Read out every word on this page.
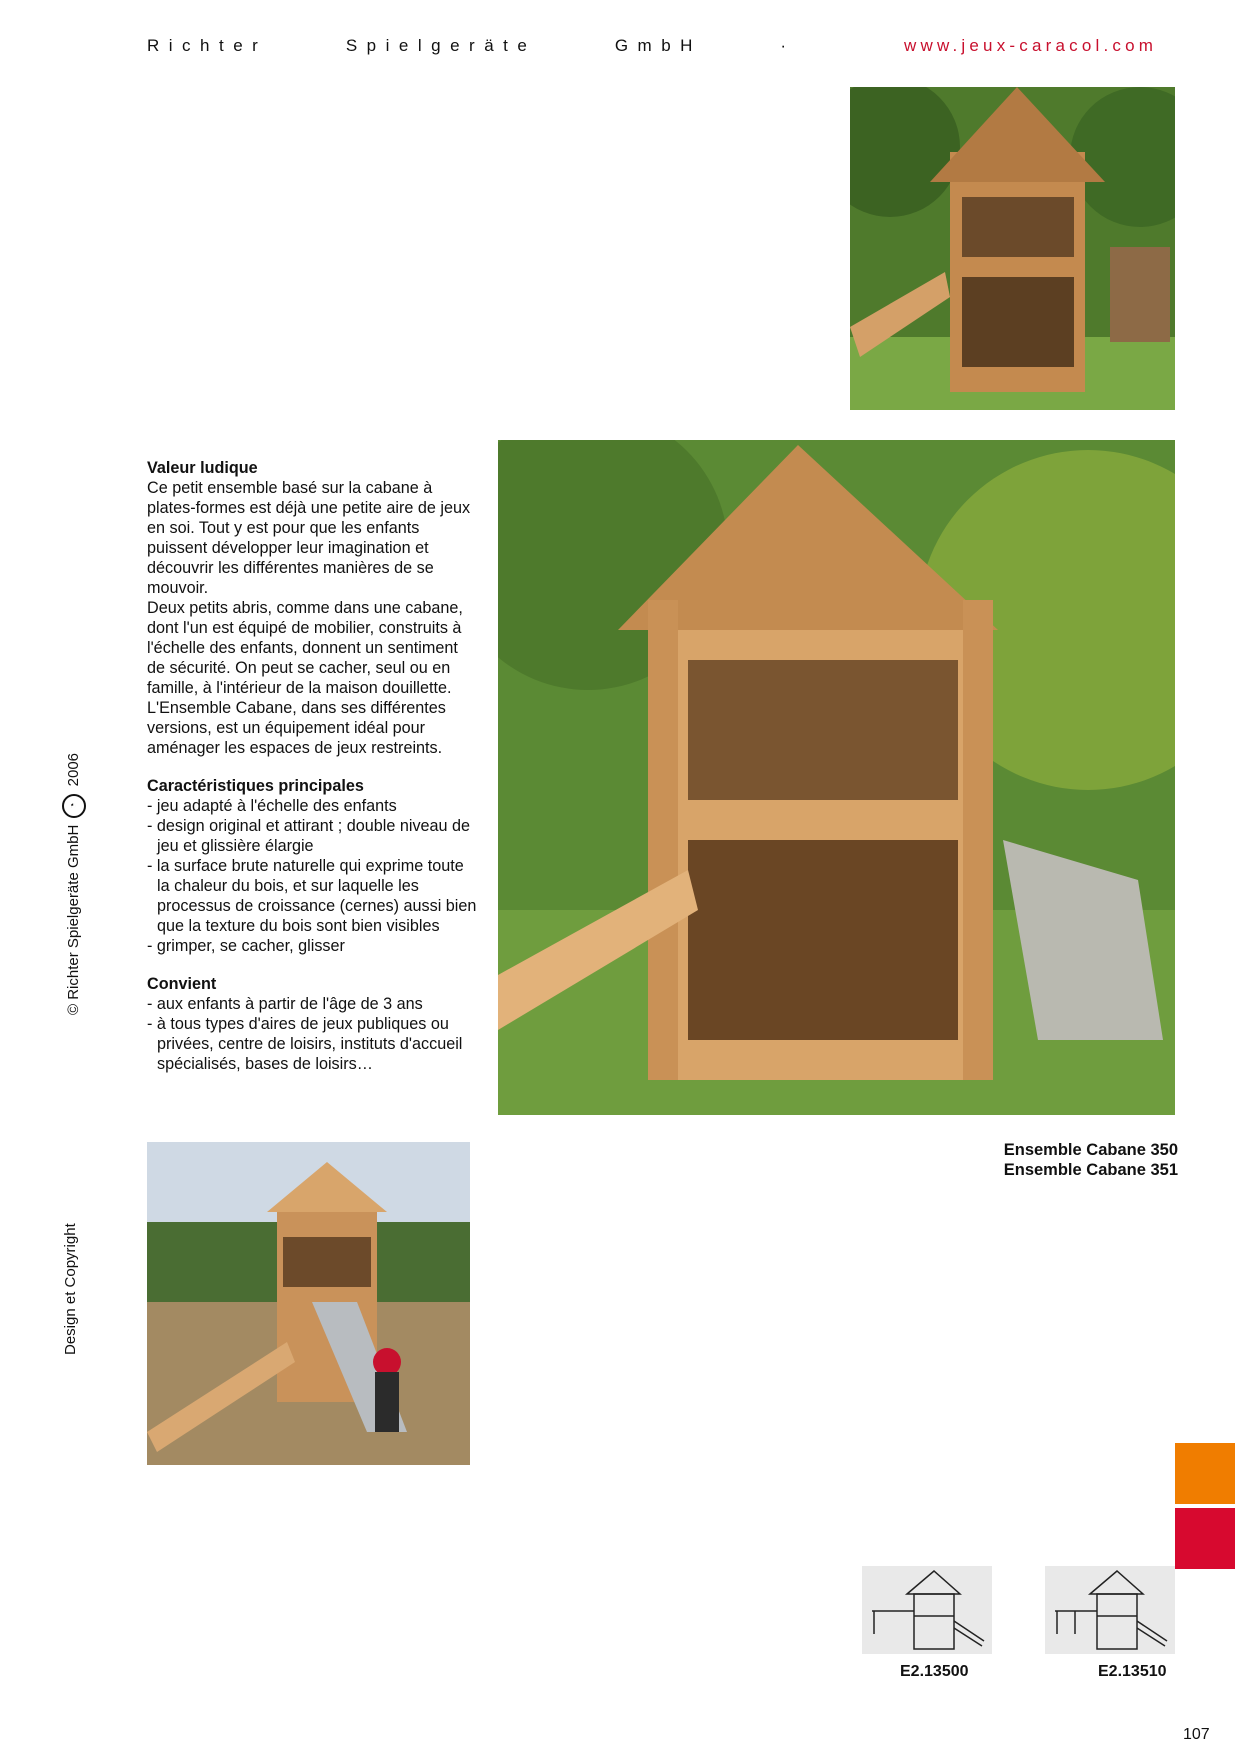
Richter	Spielgeräte	GmbH	·	www.jeux-caracol.com
Valeur ludique

Ce petit ensemble basé sur la cabane à plates-formes est déjà une petite aire de jeux en soi. Tout y est pour que les enfants puissent développer leur imagination et découvrir les différentes manières de se mouvoir.

Deux petits abris, comme dans une cabane, dont l'un est équipé de mobilier, construits à l'échelle des enfants, donnent un sentiment de sécurité. On peut se cacher, seul ou en famille, à l'intérieur de la maison douillette.

L'Ensemble Cabane, dans ses différentes versions, est un équipement idéal pour aménager les espaces de jeux restreints.

Caractéristiques principales
- jeu adapté à l'échelle des enfants
- design original et attirant ; double niveau de jeu et glissière élargie
- la surface brute naturelle qui exprime toute la chaleur du bois, et sur laquelle les processus de croissance (cernes) aussi bien que la texture du bois sont bien visibles
- grimper, se cacher, glisser
Convient
- aux enfants à partir de l'âge de 3 ans
- à tous types d'aires de jeux publiques ou privées, centre de loisirs, instituts d'accueil spécialisés, bases de loisirs…
© Richter Spielgeräte GmbH ◔ 2006
Design et Copyright
Ensemble Cabane 350
Ensemble Cabane 351
E2.13500	E2.13510
107
